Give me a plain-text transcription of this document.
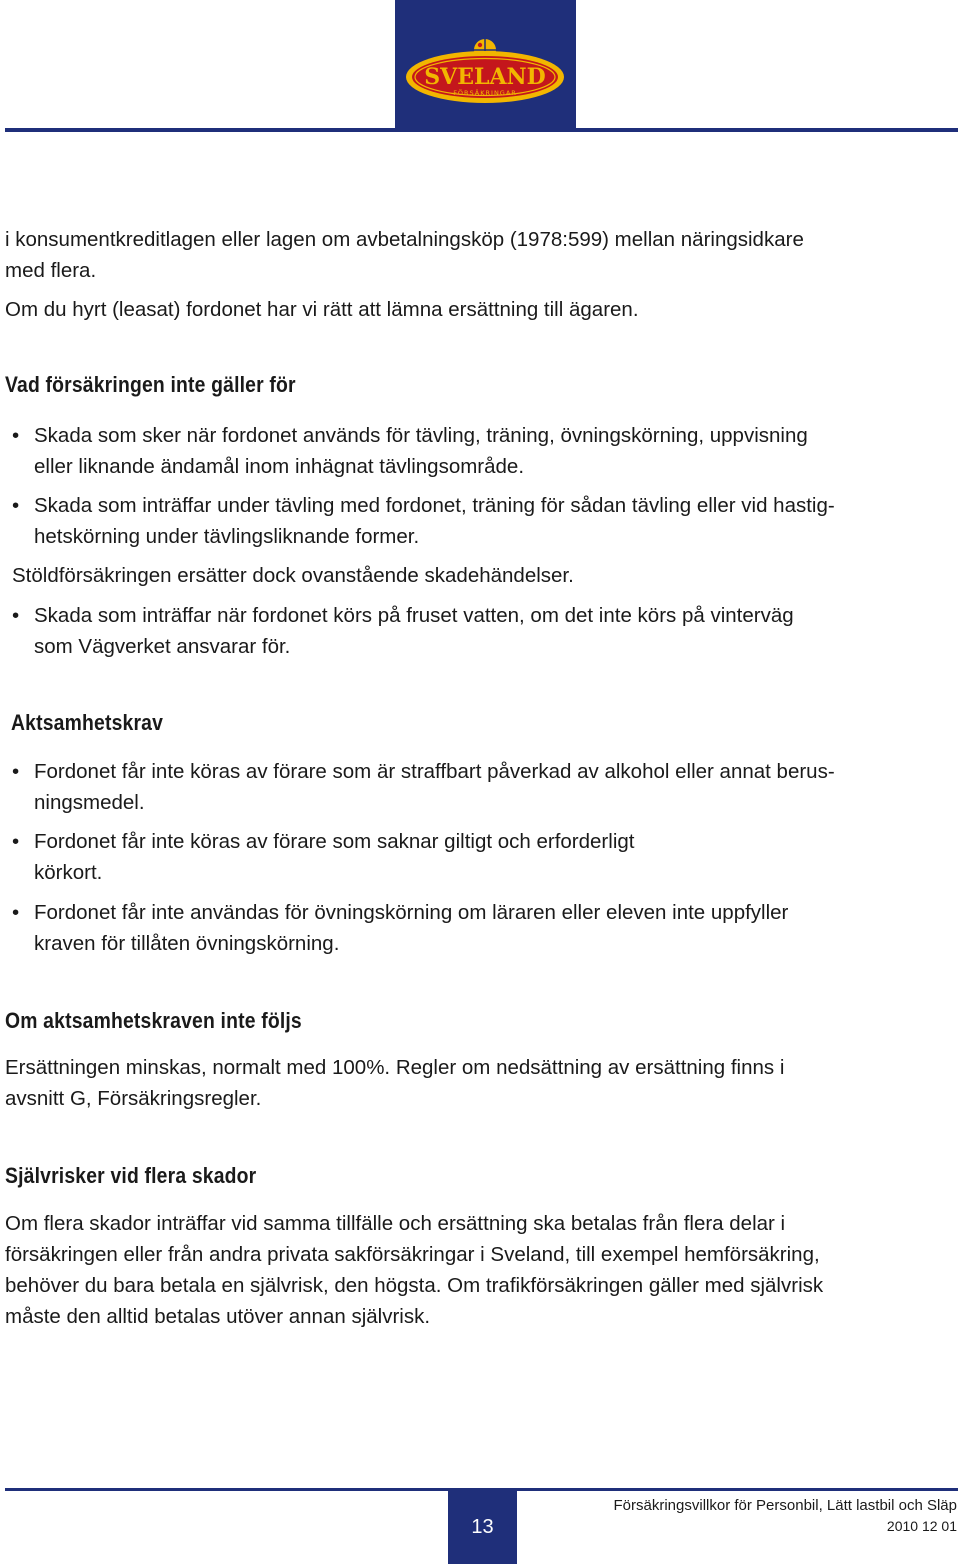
SVELAND
FÖRSÄKRINGAR

i konsumentkreditlagen eller lagen om avbetalningsköp (1978:599) mellan näringsidkare
med flera.

Om du hyrt (leasat) fordonet har vi rätt att lämna ersättning till ägaren.

Vad försäkringen inte gäller för
• Skada som sker när fordonet används för tävling, träning, övningskörning, uppvisning
eller liknande ändamål inom inhägnat tävlingsområde.
• Skada som inträffar under tävling med fordonet, träning för sådan tävling eller vid hastig-
hetskörning under tävlingsliknande former.
Stöldförsäkringen ersätter dock ovanstående skadehändelser.
• Skada som inträffar när fordonet körs på fruset vatten, om det inte körs på vinterväg
som Vägverket ansvarar för.
Aktsamhetskrav
• Fordonet får inte köras av förare som är straffbart påverkad av alkohol eller annat berus-
ningsmedel.
• Fordonet får inte köras av förare som saknar giltigt och erforderligt
körkort.
• Fordonet får inte användas för övningskörning om läraren eller eleven inte uppfyller
kraven för tillåten övningskörning.
Om aktsamhetskraven inte följs

Ersättningen minskas, normalt med 100%. Regler om nedsättning av ersättning finns i
avsnitt G, Försäkringsregler.

Självrisker vid flera skador

Om flera skador inträffar vid samma tillfälle och ersättning ska betalas från flera delar i
försäkringen eller från andra privata sakförsäkringar i Sveland, till exempel hemförsäkring,
behöver du bara betala en självrisk, den högsta. Om trafikförsäkringen gäller med självrisk
måste den alltid betalas utöver annan självrisk.

13
Försäkringsvillkor för Personbil, Lätt lastbil och Släp
2010 12 01
